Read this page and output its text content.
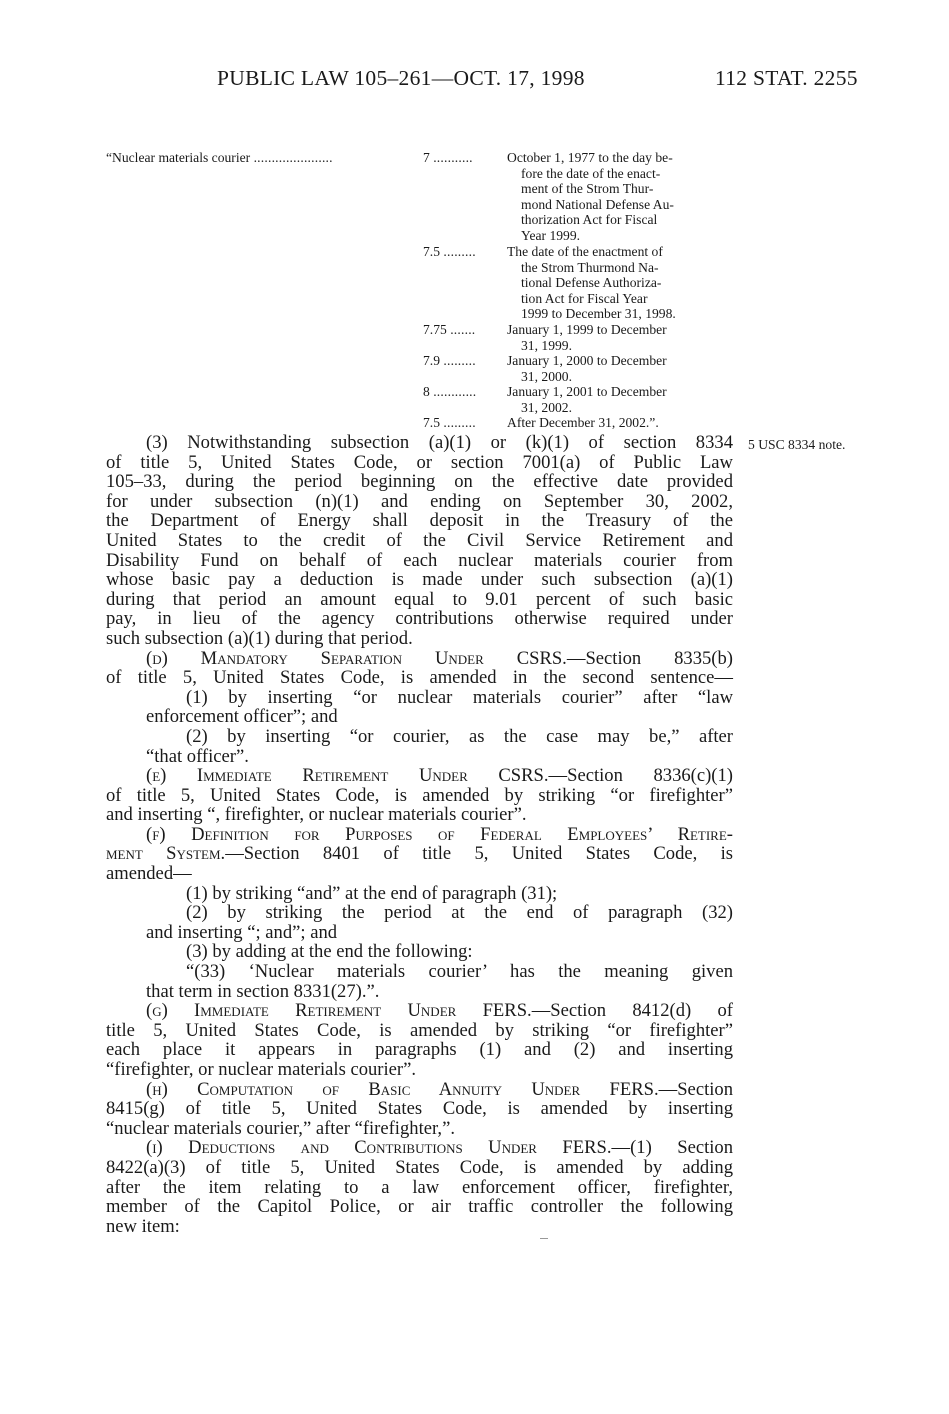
PUBLIC LAW 105–261—OCT. 17, 1998	112 STAT. 2255
“Nuclear materials courier ......................	7 ...........	October 1, 1977 to the day be-
fore the date of the enact-
ment of the Strom Thur-
mond National Defense Au-
thorization Act for Fiscal
Year 1999.
7.5 ......... The date of the enactment of
the Strom Thurmond Na-
tional Defense Authoriza-
tion Act for Fiscal Year
1999 to December 31, 1998.
7.75 ....... January 1, 1999 to December
31, 1999.
7.9 ......... January 1, 2000 to December
31, 2000.
8 ............ January 1, 2001 to December
31, 2002.
7.5 ......... After December 31, 2002.”.
5 USC 8334 note.
(3) Notwithstanding subsection (a)(1) or (k)(1) of section 8334
of title 5, United States Code, or section 7001(a) of Public Law
105–33, during the period beginning on the effective date provided
for under subsection (n)(1) and ending on September 30, 2002,
the Department of Energy shall deposit in the Treasury of the
United States to the credit of the Civil Service Retirement and
Disability Fund on behalf of each nuclear materials courier from
whose basic pay a deduction is made under such subsection (a)(1)
during that period an amount equal to 9.01 percent of such basic
pay, in lieu of the agency contributions otherwise required under
such subsection (a)(1) during that period.
(d) Mandatory Separation Under CSRS.—Section 8335(b)
of title 5, United States Code, is amended in the second sentence—
(1) by inserting “or nuclear materials courier” after “law
enforcement officer”; and
(2) by inserting “or courier, as the case may be,” after
“that officer”.
(e) Immediate Retirement Under CSRS.—Section 8336(c)(1)
of title 5, United States Code, is amended by striking “or firefighter”
and inserting “, firefighter, or nuclear materials courier”.
(f) Definition for Purposes of Federal Employees’ Retire-
ment System.—Section 8401 of title 5, United States Code, is
amended—
(1) by striking “and” at the end of paragraph (31);
(2) by striking the period at the end of paragraph (32)
and inserting “; and”; and
(3) by adding at the end the following:
“(33) ‘Nuclear materials courier’ has the meaning given
that term in section 8331(27).”.
(g) Immediate Retirement Under FERS.—Section 8412(d) of
title 5, United States Code, is amended by striking “or firefighter”
each place it appears in paragraphs (1) and (2) and inserting
“firefighter, or nuclear materials courier”.
(h) Computation of Basic Annuity Under FERS.—Section
8415(g) of title 5, United States Code, is amended by inserting
“nuclear materials courier,” after “firefighter,”.
(i) Deductions and Contributions Under FERS.—(1) Section
8422(a)(3) of title 5, United States Code, is amended by adding
after the item relating to a law enforcement officer, firefighter,
member of the Capitol Police, or air traffic controller the following
new item:
